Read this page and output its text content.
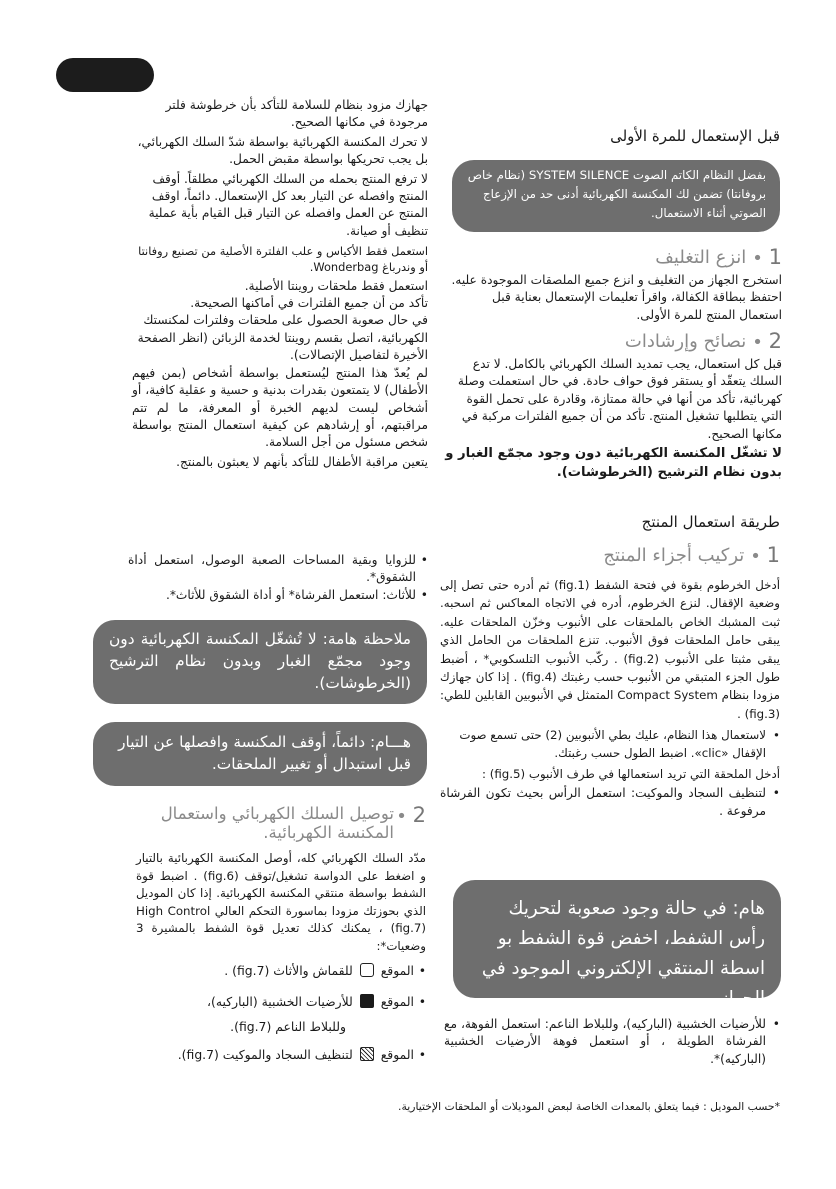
جهازك مزود بنظام للسلامة للتأكد بأن خرطوشة فلتر مرجودة في مكانها الصحيح.

لا تحرك المكنسة الكهربائية بواسطة شدّ السلك الكهربائي، بل يجب تحريكها بواسطة مقبض الحمل.

لا ترفع المنتج بحمله من السلك الكهربائي مطلقاً. أوقف المنتج وافصله عن التيار بعد كل الإستعمال. دائماً، اوقف المنتج عن العمل وافصله عن التيار قبل القيام بأية عملية تنظيف أو صيانة.

استعمل فقط الأكياس و علب الفلترة الأصلية من تصنيع روفانتا أو وندرباغ Wonderbag.

استعمل فقط ملحقات روينتا الأصلية.

تأكد من أن جميع الفلترات في أماكنها الصحيحة.

في حال صعوبة الحصول على ملحقات وفلترات لمكنستك الكهربائية، اتصل بقسم روينتا لخدمة الزبائن (انظر الصفحة الأخيرة لتفاصيل الإتصالات).

لم يُعدّ هذا المنتج ليُستعمل بواسطة أشخاص (بمن فيهم الأطفال) لا يتمتعون بقدرات بدنية و حسية و عقلية كافية، أو أشخاص ليست لديهم الخبرة أو المعرفة، ما لم تتم مراقبتهم، أو إرشادهم عن كيفية استعمال المنتج بواسطة شخص مسئول من أجل السلامة.

يتعين مراقبة الأطفال للتأكد بأنهم لا يعبثون بالمنتج.

• للزوايا وبقية المساحات الصعبة الوصول، استعمل أداة الشقوق*.
• للأثاث: استعمل الفرشاة* أو أداة الشقوق للأثاث*.
ملاحظة هامة: لا تُشغّل المكنسة الكهربائية دون وجود مجمّع الغبار وبدون نظام الترشيح (الخرطوشات).
هـــام: دائماً، أوقف المكنسة وافصلها عن التيار قبل استبدال أو تغيير الملحقات.
2 •
توصيل السلك الكهربائي واستعمال المكنسة الكهربائية.

مدّد السلك الكهربائي كله، أوصل المكنسة الكهربائية بالتيار و اضغط على الدواسة تشغيل/توقف (fig.6) . اضبط قوة الشفط بواسطة منتقي المكنسة الكهربائية. إذا كان الموديل الذي بحوزتك مزودا بماسورة التحكم العالي High Control (fig.7) ، يمكنك كذلك تعديل قوة الشفط بالمشيرة 3 وضعيات*:

• الموقع  للقماش والأثاث (fig.7) .
• الموقع  للأرضيات الخشبية (الباركيه)،
وللبلاط الناعم (fig.7).
• الموقع  لتنظيف السجاد والموكيت (fig.7).

قبل الإستعمال للمرة الأولى

بفضل النظام الكاتم الصوت SYSTEM SILENCE (نظام خاص بروفانتا) تضمن لك المكنسة الكهربائية أدنى حد من الإزعاج الصوتي أثناء الاستعمال.
1 •
انزع التغليف

استخرج الجهاز من التغليف و انزع جميع الملصقات الموجودة عليه. احتفظ ببطاقة الكفالة، واقرأ تعليمات الإستعمال بعناية قبل استعمال المنتج للمرة الأولى.

2 •
نصائح وإرشادات

قبل كل استعمال، يجب تمديد السلك الكهربائي بالكامل. لا تدع السلك يتعقّد أو يستقر فوق حواف حادة. في حال استعملت وصلة كهربائية، تأكد من أنها في حالة ممتازة، وقادرة على تحمل القوة التي يتطلبها تشغيل المنتج. تأكد من أن جميع الفلترات مركبة في مكانها الصحيح.

لا تشغّل المكنسة الكهربائية دون وجود مجمّع الغبار و بدون نظام الترشيح (الخرطوشات).

طريقة استعمال المنتج

1 •
تركيب أجزاء المنتج

أدخل الخرطوم بقوة في فتحة الشفط (fig.1) ثم أدره حتى تصل إلى وضعية الإقفال. لنزع الخرطوم، أدره في الاتجاه المعاكس ثم اسحبه. ثبت المشبك الخاص بالملحقات على الأنبوب وخزّن الملحقات عليه. يبقى حامل الملحقات فوق الأنبوب. تنزع الملحقات من الحامل الذي يبقى مثبتا على الأنبوب (fig.2) . ركّب الأنبوب التلسكوبي* ، أضبط طول الجزء المتبقي من الأنبوب حسب رغبتك (fig.4) . إذا كان جهازك مزودا بنظام Compact System المتمثل في الأنبوبين القابلين للطي: (fig.3) .

• لاستعمال هذا النظام، عليك بطي الأنبوبين (2) حتى تسمع صوت الإقفال «clic». اضبط الطول حسب رغبتك.

أدخل الملحقة التي تريد استعمالها في طرف الأنبوب (fig.5) :

• لتنظيف السجاد والموكيت: استعمل الرأس بحيث تكون الفرشاة مرفوعة .
هام: في حالة وجود صعوبة لتحريك رأس الشفط، اخفض قوة الشفط بو اسطة المنتقي الإلكتروني الموجود في الجهاز.
• للأرضيات الخشبية (الباركيه)، وللبلاط الناعم: استعمل الفوهة، مع الفرشاة الطويلة ، أو استعمل فوهة الأرضيات الخشبية (الباركيه)*.
*حسب الموديل : فيما يتعلق بالمعدات الخاصة لبعض الموديلات أو الملحقات الإختيارية.
